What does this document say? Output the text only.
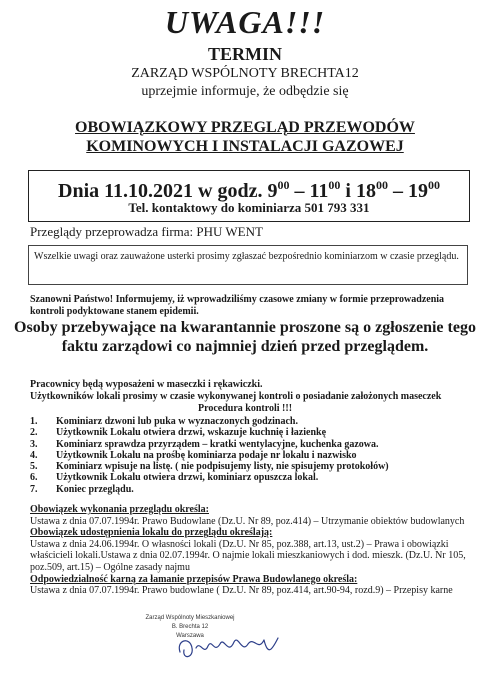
UWAGA!!!
TERMIN
ZARZĄD WSPÓLNOTY BRECHTA12
uprzejmie informuje, że odbędzie się
OBOWIĄZKOWY PRZEGLĄD PRZEWODÓW
KOMINOWYCH I INSTALACJI GAZOWEJ
Dnia 11.10.2021 w godz. $9^{00} - 11^{00}$ i $18^{00} - 19^{00}$
Tel. kontaktowy do kominiarza 501 793 331
Przeglądy przeprowadza firma: PHU WENT
Wszelkie uwagi oraz zauważone usterki prosimy zgłaszać bezpośrednio kominiarzom w czasie przeglądu.
Szanowni Państwo! Informujemy, iż wprowadziliśmy czasowe zmiany w formie przeprowadzenia kontroli podyktowane stanem epidemii.
Osoby przebywające na kwarantannie proszone są o zgłoszenie tego faktu zarządowi co najmniej dzień przed przeglądem.
Pracownicy będą wyposażeni w maseczki i rękawiczki.
Użytkowników lokali prosimy w czasie wykonywanej kontroli o posiadanie założonych maseczek
Procedura kontroli !!!
1.	Kominiarz dzwoni lub puka w wyznaczonych godzinach.
2.	Użytkownik Lokalu otwiera drzwi, wskazuje kuchnię i łazienkę
3.	Kominiarz sprawdza przyrządem – kratki wentylacyjne, kuchenka gazowa.
4.	Użytkownik Lokalu na prośbę kominiarza podaje nr lokalu i nazwisko
5.	Kominiarz wpisuje na listę. ( nie podpisujemy listy, nie spisujemy protokołów)
6.	Użytkownik Lokalu otwiera drzwi, kominiarz opuszcza lokal.
7.	Koniec przeglądu.
Obowiązek wykonania przeglądu określa:
Ustawa z dnia 07.07.1994r. Prawo Budowlane (Dz.U. Nr 89, poz.414) – Utrzymanie obiektów budowlanych
Obowiązek udostępnienia lokalu do przeglądu określają:
Ustawa z dnia 24.06.1994r. O własności lokali (Dz.U. Nr 85, poz.388, art.13, ust.2) – Prawa i obowiązki właścicieli lokali.Ustawa z dnia 02.07.1994r. O najmie lokali mieszkaniowych i dod. mieszk. (Dz.U. Nr 105, poz.509, art.15) – Ogólne zasady najmu
Odpowiedzialność karną za łamanie przepisów Prawa Budowlanego określa:
Ustawa z dnia 07.07.1994r. Prawo budowlane ( Dz.U. Nr 89, poz.414, art.90-94, rozd.9) – Przepisy karne
Zarząd Wspólnoty Mieszkaniowej
B. Brechta 12
Warszawa
